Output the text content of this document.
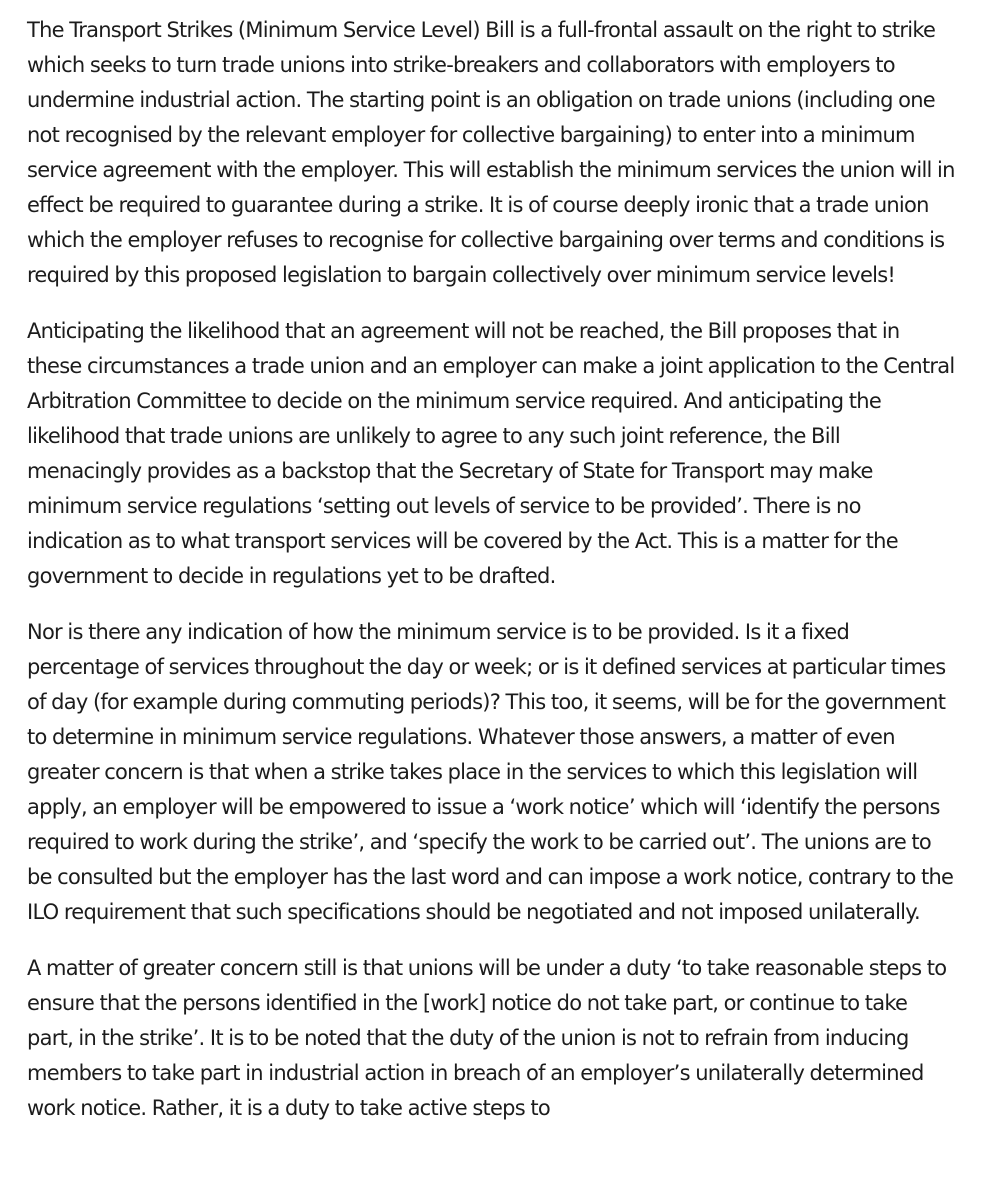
The Transport Strikes (Minimum Service Level) Bill is a full-frontal assault on the right to strike which seeks to turn trade unions into strike-breakers and collaborators with employers to undermine industrial action. The starting point is an obligation on trade unions (including one not recognised by the relevant employer for collective bargaining) to enter into a minimum service agreement with the employer. This will establish the minimum services the union will in effect be required to guarantee during a strike. It is of course deeply ironic that a trade union which the employer refuses to recognise for collective bargaining over terms and conditions is required by this proposed legislation to bargain collectively over minimum service levels!

Anticipating the likelihood that an agreement will not be reached, the Bill proposes that in these circumstances a trade union and an employer can make a joint application to the Central Arbitration Committee to decide on the minimum service required. And anticipating the likelihood that trade unions are unlikely to agree to any such joint reference, the Bill menacingly provides as a backstop that the Secretary of State for Transport may make minimum service regulations ‘setting out levels of service to be provided’. There is no indication as to what transport services will be covered by the Act. This is a matter for the government to decide in regulations yet to be drafted.

Nor is there any indication of how the minimum service is to be provided. Is it a fixed percentage of services throughout the day or week; or is it defined services at particular times of day (for example during commuting periods)? This too, it seems, will be for the government to determine in minimum service regulations. Whatever those answers, a matter of even greater concern is that when a strike takes place in the services to which this legislation will apply, an employer will be empowered to issue a ‘work notice’ which will ‘identify the persons required to work during the strike’, and ‘specify the work to be carried out’. The unions are to be consulted but the employer has the last word and can impose a work notice, contrary to the ILO requirement that such specifications should be negotiated and not imposed unilaterally.

A matter of greater concern still is that unions will be under a duty ‘to take reasonable steps to ensure that the persons identified in the [work] notice do not take part, or continue to take part, in the strike’. It is to be noted that the duty of the union is not to refrain from inducing members to take part in industrial action in breach of an employer’s unilaterally determined work notice. Rather, it is a duty to take active steps to
